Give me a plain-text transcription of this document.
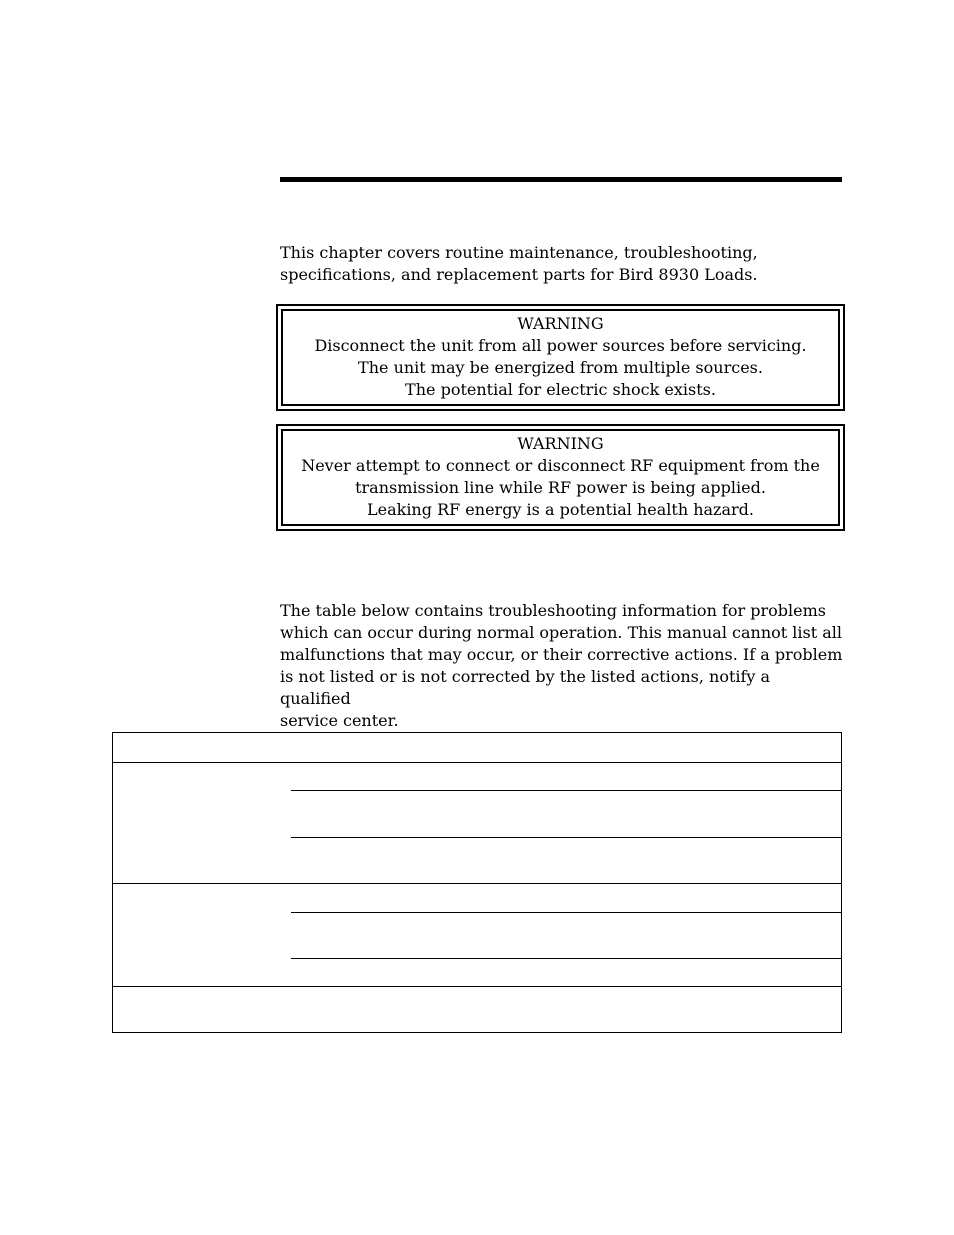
This chapter covers routine maintenance, troubleshooting,

specifications, and replacement parts for Bird 8930 Loads.

WARNING
Disconnect the unit from all power sources before servicing.
The unit may be energized from multiple sources.
The potential for electric shock exists.
WARNING
Never attempt to connect or disconnect RF equipment from the
transmission line while RF power is being applied.
Leaking RF energy is a potential health hazard.

The table below contains troubleshooting information for problems

which can occur during normal operation. This manual cannot list all

malfunctions that may occur, or their corrective actions. If a problem

is not listed or is not corrected by the listed actions, notify a qualified

service center.
